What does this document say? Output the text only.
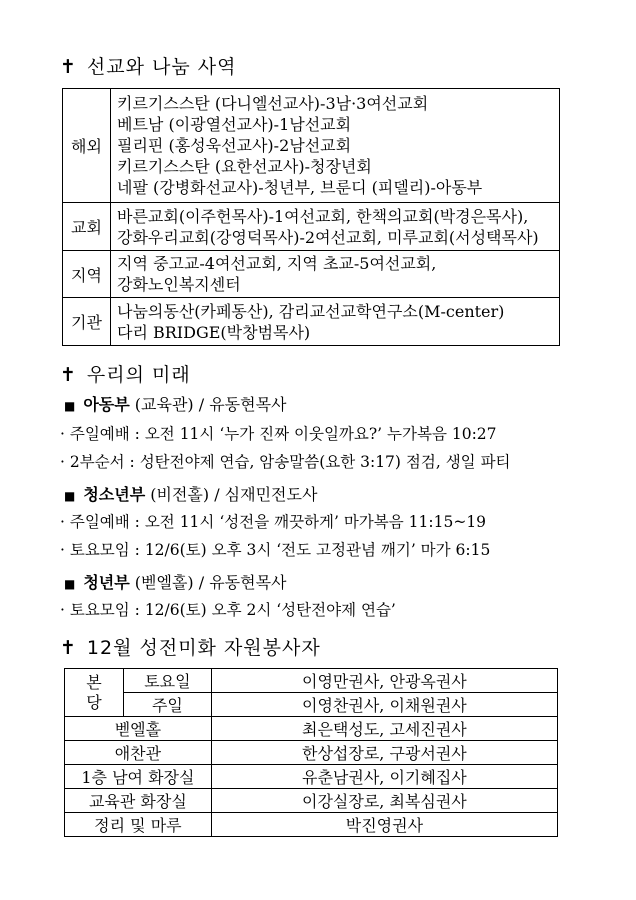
✝ 선교와 나눔 사역
해외	키르기스스탄 (다니엘선교사)-3남·3여선교회
베트남 (이광열선교사)-1남선교회
필리핀 (홍성욱선교사)-2남선교회
키르기스스탄 (요한선교사)-청장년회
네팔 (강병화선교사)-청년부, 브룬디 (피델리)-아동부

교회	바른교회(이주헌목사)-1여선교회, 한책의교회(박경은목사),
강화우리교회(강영덕목사)-2여선교회, 미루교회(서성택목사)

지역	지역 중고교-4여선교회, 지역 초교-5여선교회,
강화노인복지센터

기관	나눔의동산(카페동산), 감리교선교학연구소(M-center)
다리 BRIDGE(박창범목사)
✝ 우리의 미래
■ 아동부 (교육관) / 유동현목사
· 주일예배 : 오전 11시 ‘누가 진짜 이웃일까요?’ 누가복음 10:27
· 2부순서 : 성탄전야제 연습, 암송말씀(요한 3:17) 점검, 생일 파티
■ 청소년부 (비전홀) / 심재민전도사
· 주일예배 : 오전 11시 ‘성전을 깨끗하게’ 마가복음 11:15~19
· 토요모임 : 12/6(토) 오후 3시 ‘전도 고정관념 깨기’ 마가 6:15
■ 청년부 (벧엘홀) / 유동현목사
· 토요모임 : 12/6(토) 오후 2시 ‘성탄전야제 연습’
✝ 12월 성전미화 자원봉사자
본
당	토요일	이영만권사, 안광옥권사
	주일	이영찬권사, 이채원권사
벧엘홀		최은택성도, 고세진권사
애찬관		한상섭장로, 구광서권사
1층 남여 화장실		유춘남권사, 이기혜집사
교육관 화장실		이강실장로, 최복심권사
정리 및 마루		박진영권사
